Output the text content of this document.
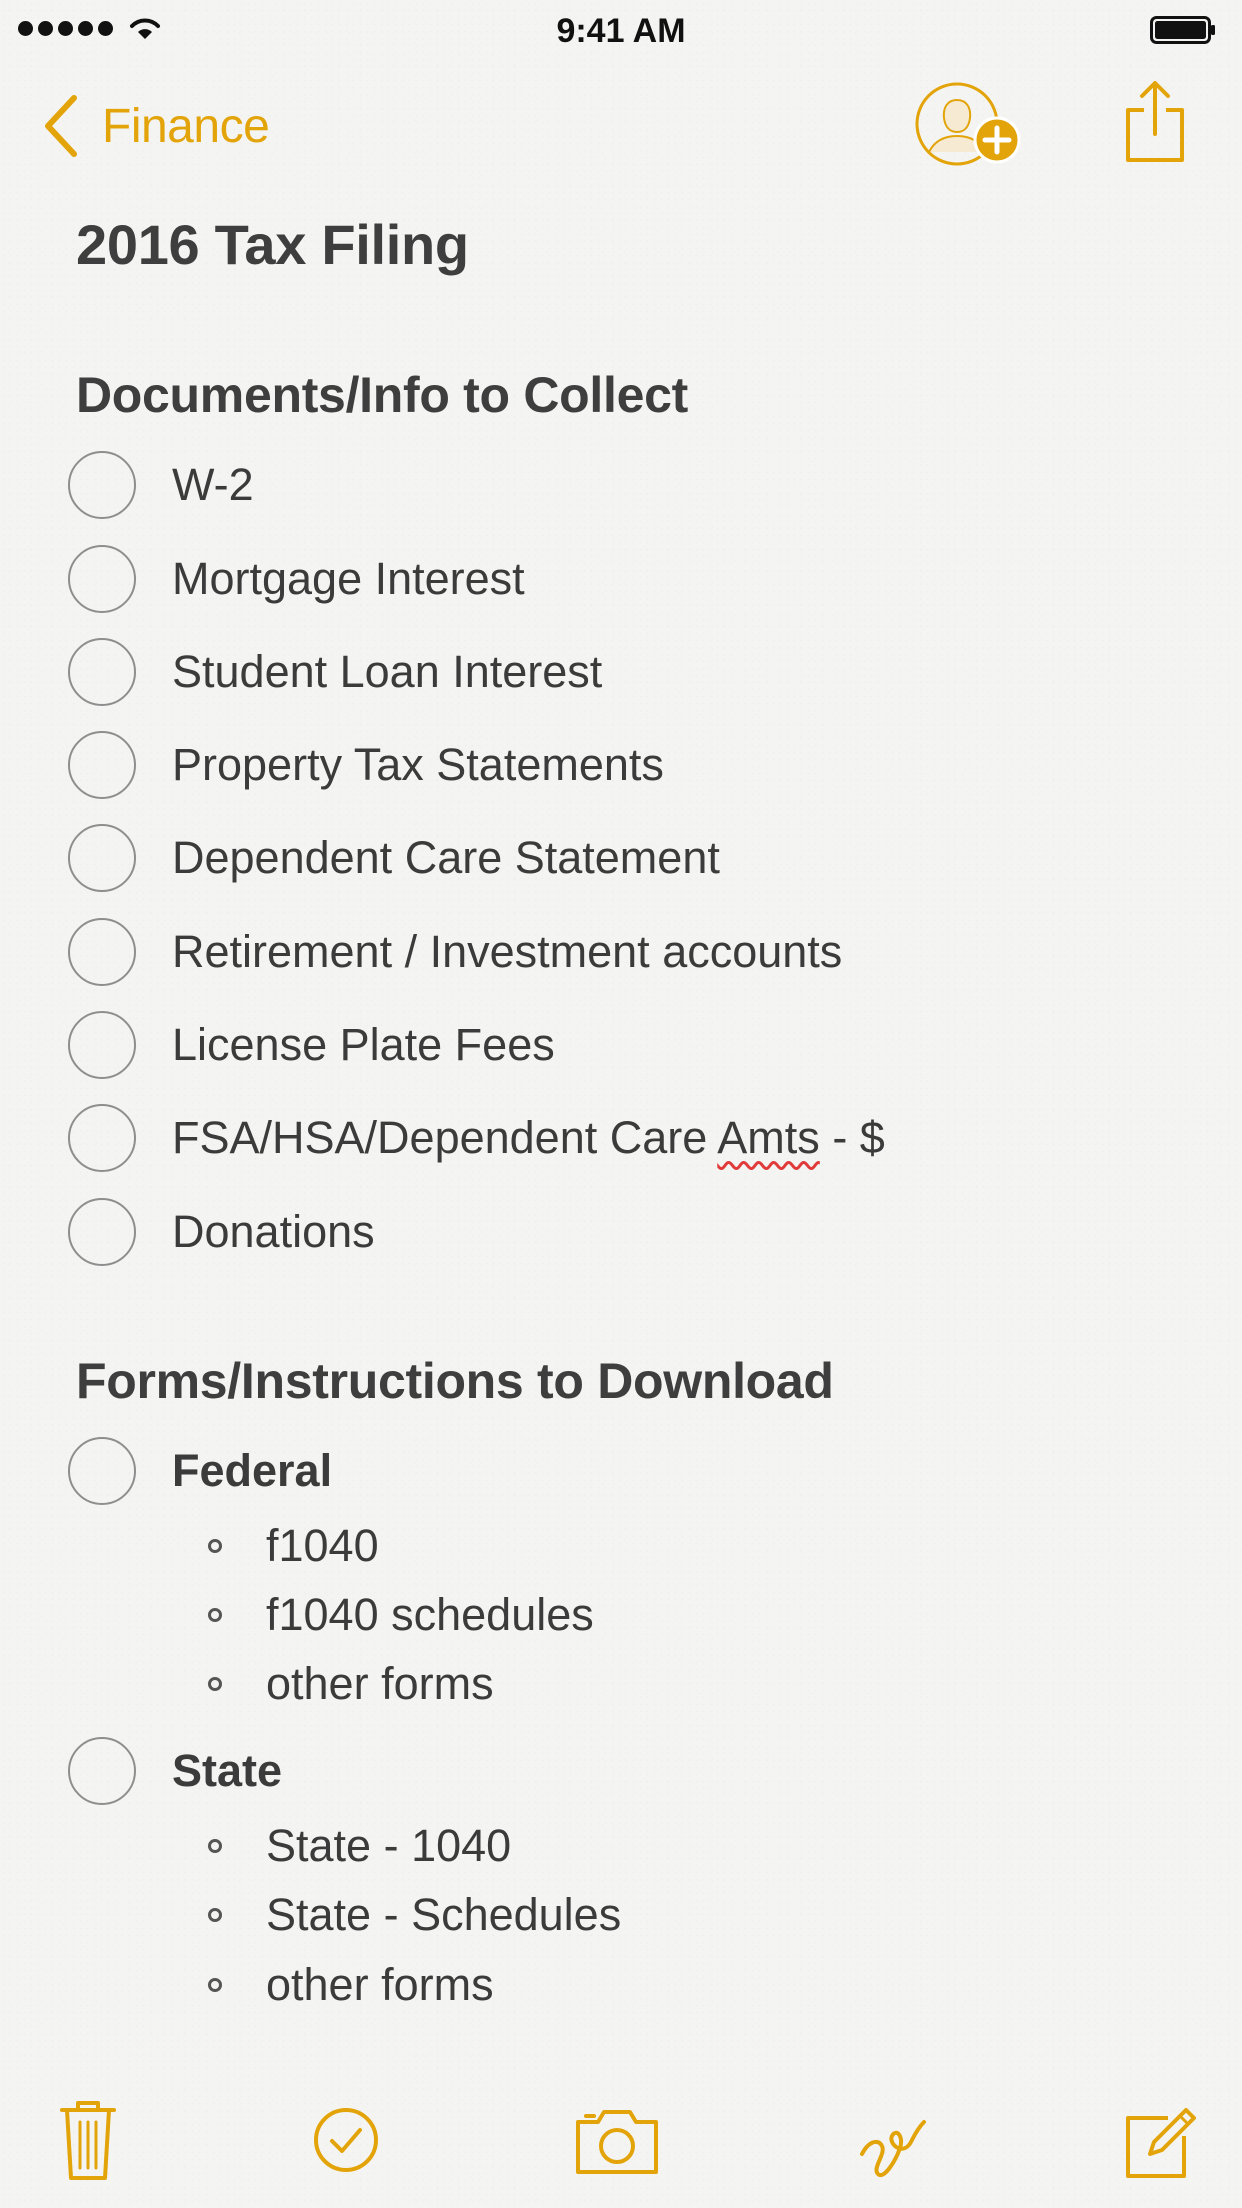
9:41 AM
Finance
2016 Tax Filing
Documents/Info to Collect
W-2
Mortgage Interest
Student Loan Interest
Property Tax Statements
Dependent Care Statement
Retirement / Investment accounts
License Plate Fees
FSA/HSA/Dependent Care Amts - $
Donations
Forms/Instructions to Download
Federal
f1040
f1040 schedules
other forms
State
State - 1040
State - Schedules
other forms
